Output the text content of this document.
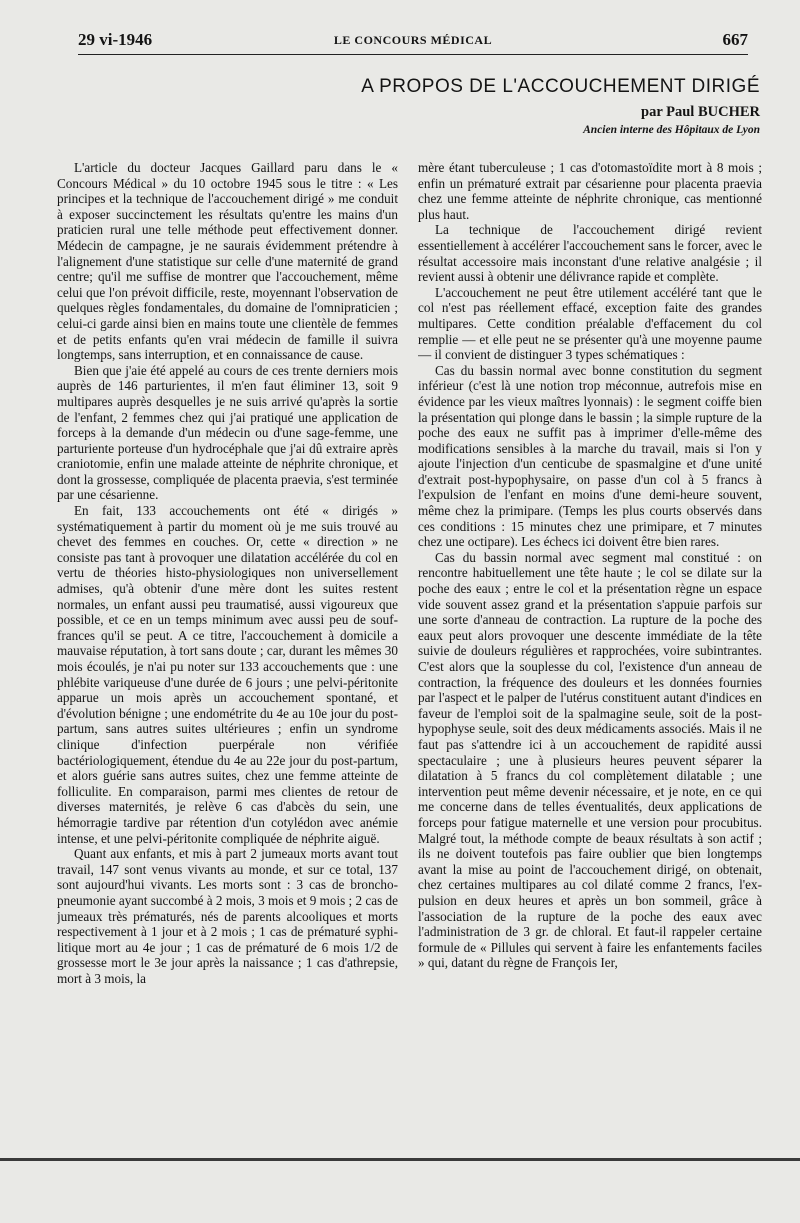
29 vi-1946	LE CONCOURS MÉDICAL	667
A PROPOS DE L'ACCOUCHEMENT DIRIGÉ
par Paul BUCHER
Ancien interne des Hôpitaux de Lyon

L'article du docteur Jacques Gaillard paru dans le « Concours Médical » du 10 octobre 1945 sous le titre : « Les principes et la technique de l'accouchement dirigé » me conduit à exposer succinctement les résultats qu'entre les mains d'un praticien rural une telle méthode peut effectivement donner. Médecin de campagne, je ne saurais évidemment prétendre à l'alignement d'une statistique sur celle d'une maternité de grand centre; qu'il me suffise de montrer que l'accouchement, même celui que l'on prévoit difficile, reste, moyennant l'observation de quelques règles fondamentales, du domaine de l'omnipraticien ; celui-ci garde ainsi bien en mains toute une clientèle de femmes et de petits enfants qu'en vrai médecin de famille il suivra longtemps, sans interruption, et en connaissance de cause.

Bien que j'aie été appelé au cours de ces trente derniers mois auprès de 146 parturientes, il m'en faut éliminer 13, soit 9 multipares auprès desquelles je ne suis arrivé qu'après la sortie de l'enfant, 2 femmes chez qui j'ai pratiqué une application de forceps à la demande d'un médecin ou d'une sage-femme, une parturiente porteuse d'un hydrocéphale que j'ai dû extraire après craniotomie, enfin une malade atteinte de néphrite chronique, et dont la grossesse, compliquée de placenta praevia, s'est terminée par une césarienne.

En fait, 133 accouchements ont été « dirigés » systématiquement à partir du moment où je me suis trouvé au chevet des femmes en couches. Or, cette « direction » ne consiste pas tant à provoquer une dilatation accélérée du col en vertu de théories histo-physiologiques non universellement admises, qu'à obtenir d'une mère dont les suites restent normales, un enfant aussi peu traumatisé, aussi vigoureux que possible, et ce en un temps minimum avec aussi peu de souffrances qu'il se peut. A ce titre, l'accouchement à domicile a mauvaise réputation, à tort sans doute ; car, durant les mêmes 30 mois écoulés, je n'ai pu noter sur 133 accouchements que : une phlébite variqueuse d'une durée de 6 jours ; une pelvi-péritonite apparue un mois après un accouchement spontané, et d'évolution bénigne ; une endométrite du 4e au 10e jour du post-partum, sans autres suites ultérieures ; enfin un syndrome clinique d'infection puerpérale non vérifiée bactériologiquement, étendue du 4e au 22e jour du post-partum, et alors guérie sans autres suites, chez une femme atteinte de folliculite. En comparaison, parmi mes clientes de retour de diverses maternités, je relève 6 cas d'abcès du sein, une hémorragie tardive par rétention d'un cotylédon avec anémie intense, et une pelvi-péritonite compliquée de néphrite aiguë.

Quant aux enfants, et mis à part 2 jumeaux morts avant tout travail, 147 sont venus vivants au monde, et sur ce total, 137 sont aujourd'hui vivants. Les morts sont : 3 cas de broncho-pneumonie ayant succombé à 2 mois, 3 mois et 9 mois ; 2 cas de jumeaux très prématurés, nés de parents alcooliques et morts respectivement à 1 jour et à 2 mois ; 1 cas de prématuré syphilitique mort au 4e jour ; 1 cas de prématuré de 6 mois 1/2 de grossesse mort le 3e jour après la naissance ; 1 cas d'athrepsie, mort à 3 mois, la

mère étant tuberculeuse ; 1 cas d'otomastoïdite mort à 8 mois ; enfin un prématuré extrait par césarienne pour placenta praevia chez une femme atteinte de néphrite chronique, cas mentionné plus haut.

La technique de l'accouchement dirigé revient essentiellement à accélérer l'accouchement sans le forcer, avec le résultat accessoire mais inconstant d'une relative analgésie ; il revient aussi à obtenir une délivrance rapide et complète.

L'accouchement ne peut être utilement accéléré tant que le col n'est pas réellement effacé, exception faite des grandes multipares. Cette condition préalable d'effacement du col remplie — et elle peut ne se présenter qu'à une moyenne paume — il convient de distinguer 3 types schématiques :

Cas du bassin normal avec bonne constitution du segment inférieur (c'est là une notion trop méconnue, autrefois mise en évidence par les vieux maîtres lyonnais) : le segment coiffe bien la présentation qui plonge dans le bassin ; la simple rupture de la poche des eaux ne suffit pas à imprimer d'elle-même des modifications sensibles à la marche du travail, mais si l'on y ajoute l'injection d'un centicube de spasmalgine et d'une unité d'extrait post-hypophysaire, on passe d'un col à 5 francs à l'expulsion de l'enfant en moins d'une demi-heure souvent, même chez la primipare. (Temps les plus courts observés dans ces conditions : 15 minutes chez une primipare, et 7 minutes chez une octipare). Les échecs ici doivent être bien rares.

Cas du bassin normal avec segment mal constitué : on rencontre habituellement une tête haute ; le col se dilate sur la poche des eaux ; entre le col et la présentation règne un espace vide souvent assez grand et la présentation s'appuie parfois sur une sorte d'anneau de contraction. La rupture de la poche des eaux peut alors provoquer une descente immédiate de la tête suivie de douleurs régulières et rapprochées, voire subintrantes. C'est alors que la souplesse du col, l'existence d'un anneau de contraction, la fréquence des douleurs et les données fournies par l'aspect et le palper de l'utérus constituent autant d'indices en faveur de l'emploi soit de la spalmagine seule, soit de la post-hypophyse seule, soit des deux médicaments associés. Mais il ne faut pas s'attendre ici à un accouchement de rapidité aussi spectaculaire ; une à plusieurs heures peuvent séparer la dilatation à 5 francs du col complètement dilatable ; une intervention peut même devenir nécessaire, et je note, en ce qui me concerne dans de telles éventualités, deux applications de forceps pour fatigue maternelle et une version pour procubitus. Malgré tout, la méthode compte de beaux résultats à son actif ; ils ne doivent toutefois pas faire oublier que bien longtemps avant la mise au point de l'accouchement dirigé, on obtenait, chez certaines multipares au col dilaté comme 2 francs, l'expulsion en deux heures et après un bon sommeil, grâce à l'association de la rupture de la poche des eaux avec l'administration de 3 gr. de chloral. Et faut-il rappeler certaine formule de « Pillules qui servent à faire les enfantements faciles » qui, datant du règne de François Ier,
